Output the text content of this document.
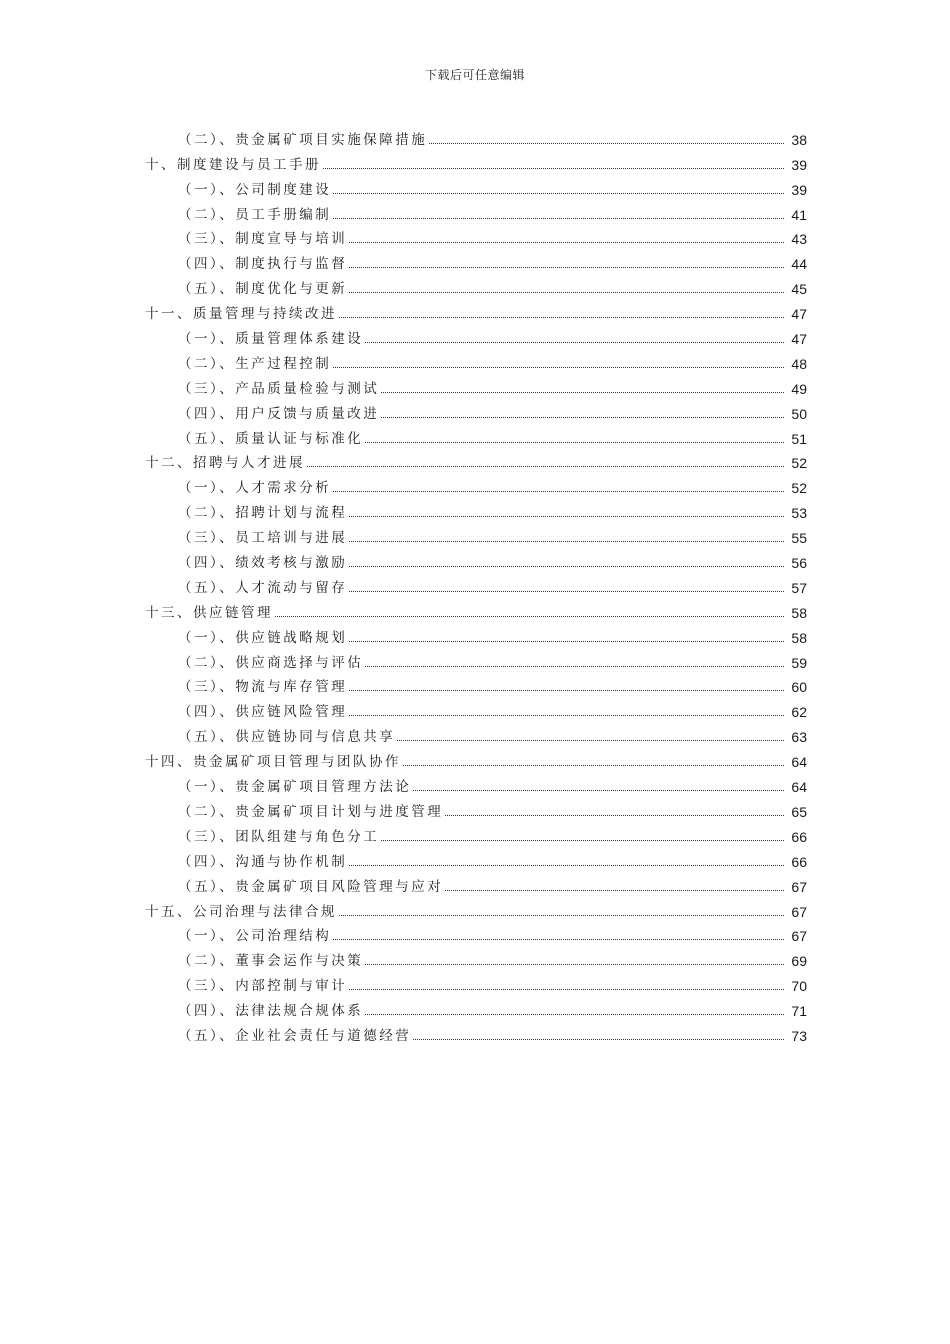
下载后可任意编辑
（二）、贵金属矿项目实施保障措施	38
十、制度建设与员工手册	39
（一）、公司制度建设	39
（二）、员工手册编制	41
（三）、制度宣导与培训	43
（四）、制度执行与监督	44
（五）、制度优化与更新	45
十一、质量管理与持续改进	47
（一）、质量管理体系建设	47
（二）、生产过程控制	48
（三）、产品质量检验与测试	49
（四）、用户反馈与质量改进	50
（五）、质量认证与标准化	51
十二、招聘与人才进展	52
（一）、人才需求分析	52
（二）、招聘计划与流程	53
（三）、员工培训与进展	55
（四）、绩效考核与激励	56
（五）、人才流动与留存	57
十三、供应链管理	58
（一）、供应链战略规划	58
（二）、供应商选择与评估	59
（三）、物流与库存管理	60
（四）、供应链风险管理	62
（五）、供应链协同与信息共享	63
十四、贵金属矿项目管理与团队协作	64
（一）、贵金属矿项目管理方法论	64
（二）、贵金属矿项目计划与进度管理	65
（三）、团队组建与角色分工	66
（四）、沟通与协作机制	66
（五）、贵金属矿项目风险管理与应对	67
十五、公司治理与法律合规	67
（一）、公司治理结构	67
（二）、董事会运作与决策	69
（三）、内部控制与审计	70
（四）、法律法规合规体系	71
（五）、企业社会责任与道德经营	73
